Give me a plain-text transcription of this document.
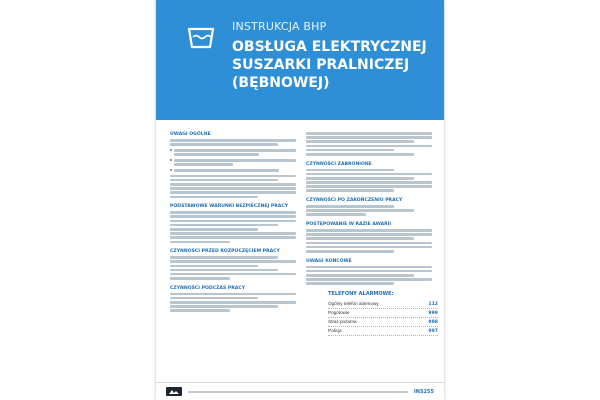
INSTRUKCJA BHP
OBSŁUGA ELEKTRYCZNEJ
SUSZARKI PRALNICZEJ
(BĘBNOWEJ)
UWAGI OGÓLNE
PODSTAWOWE WARUNKI BEZPIECZNEJ PRACY
CZYNNOŚCI PRZED ROZPOCZĘCIEM PRACY
CZYNNOŚCI PODCZAS PRACY
CZYNNOŚCI ZABRONIONE
CZYNNOŚCI PO ZAKOŃCZENIU PRACY
POSTĘPOWANIE W RAZIE AWARII
UWAGI KOŃCOWE
TELEFONY ALARMOWE:
Ogólny telefon alarmowy	112
Pogotowie	999
Straż pożarna	998
Policja	997
INS255
